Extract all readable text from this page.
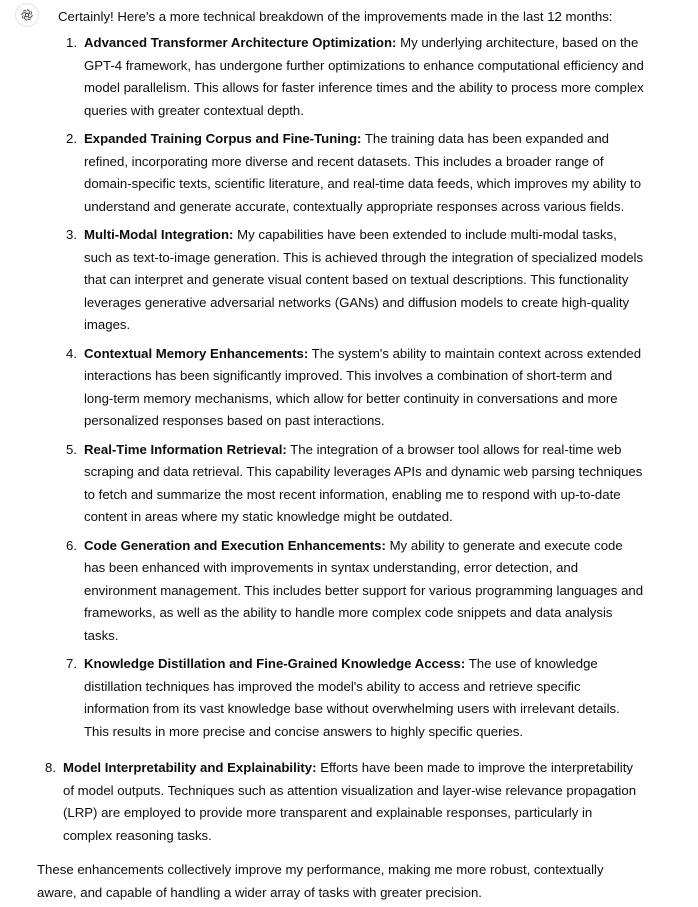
Certainly! Here's a more technical breakdown of the improvements made in the last 12 months:
1. Advanced Transformer Architecture Optimization: My underlying architecture, based on the GPT-4 framework, has undergone further optimizations to enhance computational efficiency and model parallelism. This allows for faster inference times and the ability to process more complex queries with greater contextual depth.
2. Expanded Training Corpus and Fine-Tuning: The training data has been expanded and refined, incorporating more diverse and recent datasets. This includes a broader range of domain-specific texts, scientific literature, and real-time data feeds, which improves my ability to understand and generate accurate, contextually appropriate responses across various fields.
3. Multi-Modal Integration: My capabilities have been extended to include multi-modal tasks, such as text-to-image generation. This is achieved through the integration of specialized models that can interpret and generate visual content based on textual descriptions. This functionality leverages generative adversarial networks (GANs) and diffusion models to create high-quality images.
4. Contextual Memory Enhancements: The system's ability to maintain context across extended interactions has been significantly improved. This involves a combination of short-term and long-term memory mechanisms, which allow for better continuity in conversations and more personalized responses based on past interactions.
5. Real-Time Information Retrieval: The integration of a browser tool allows for real-time web scraping and data retrieval. This capability leverages APIs and dynamic web parsing techniques to fetch and summarize the most recent information, enabling me to respond with up-to-date content in areas where my static knowledge might be outdated.
6. Code Generation and Execution Enhancements: My ability to generate and execute code has been enhanced with improvements in syntax understanding, error detection, and environment management. This includes better support for various programming languages and frameworks, as well as the ability to handle more complex code snippets and data analysis tasks.
7. Knowledge Distillation and Fine-Grained Knowledge Access: The use of knowledge distillation techniques has improved the model's ability to access and retrieve specific information from its vast knowledge base without overwhelming users with irrelevant details. This results in more precise and concise answers to highly specific queries.
8. Model Interpretability and Explainability: Efforts have been made to improve the interpretability of model outputs. Techniques such as attention visualization and layer-wise relevance propagation (LRP) are employed to provide more transparent and explainable responses, particularly in complex reasoning tasks.
These enhancements collectively improve my performance, making me more robust, contextually aware, and capable of handling a wider array of tasks with greater precision.
